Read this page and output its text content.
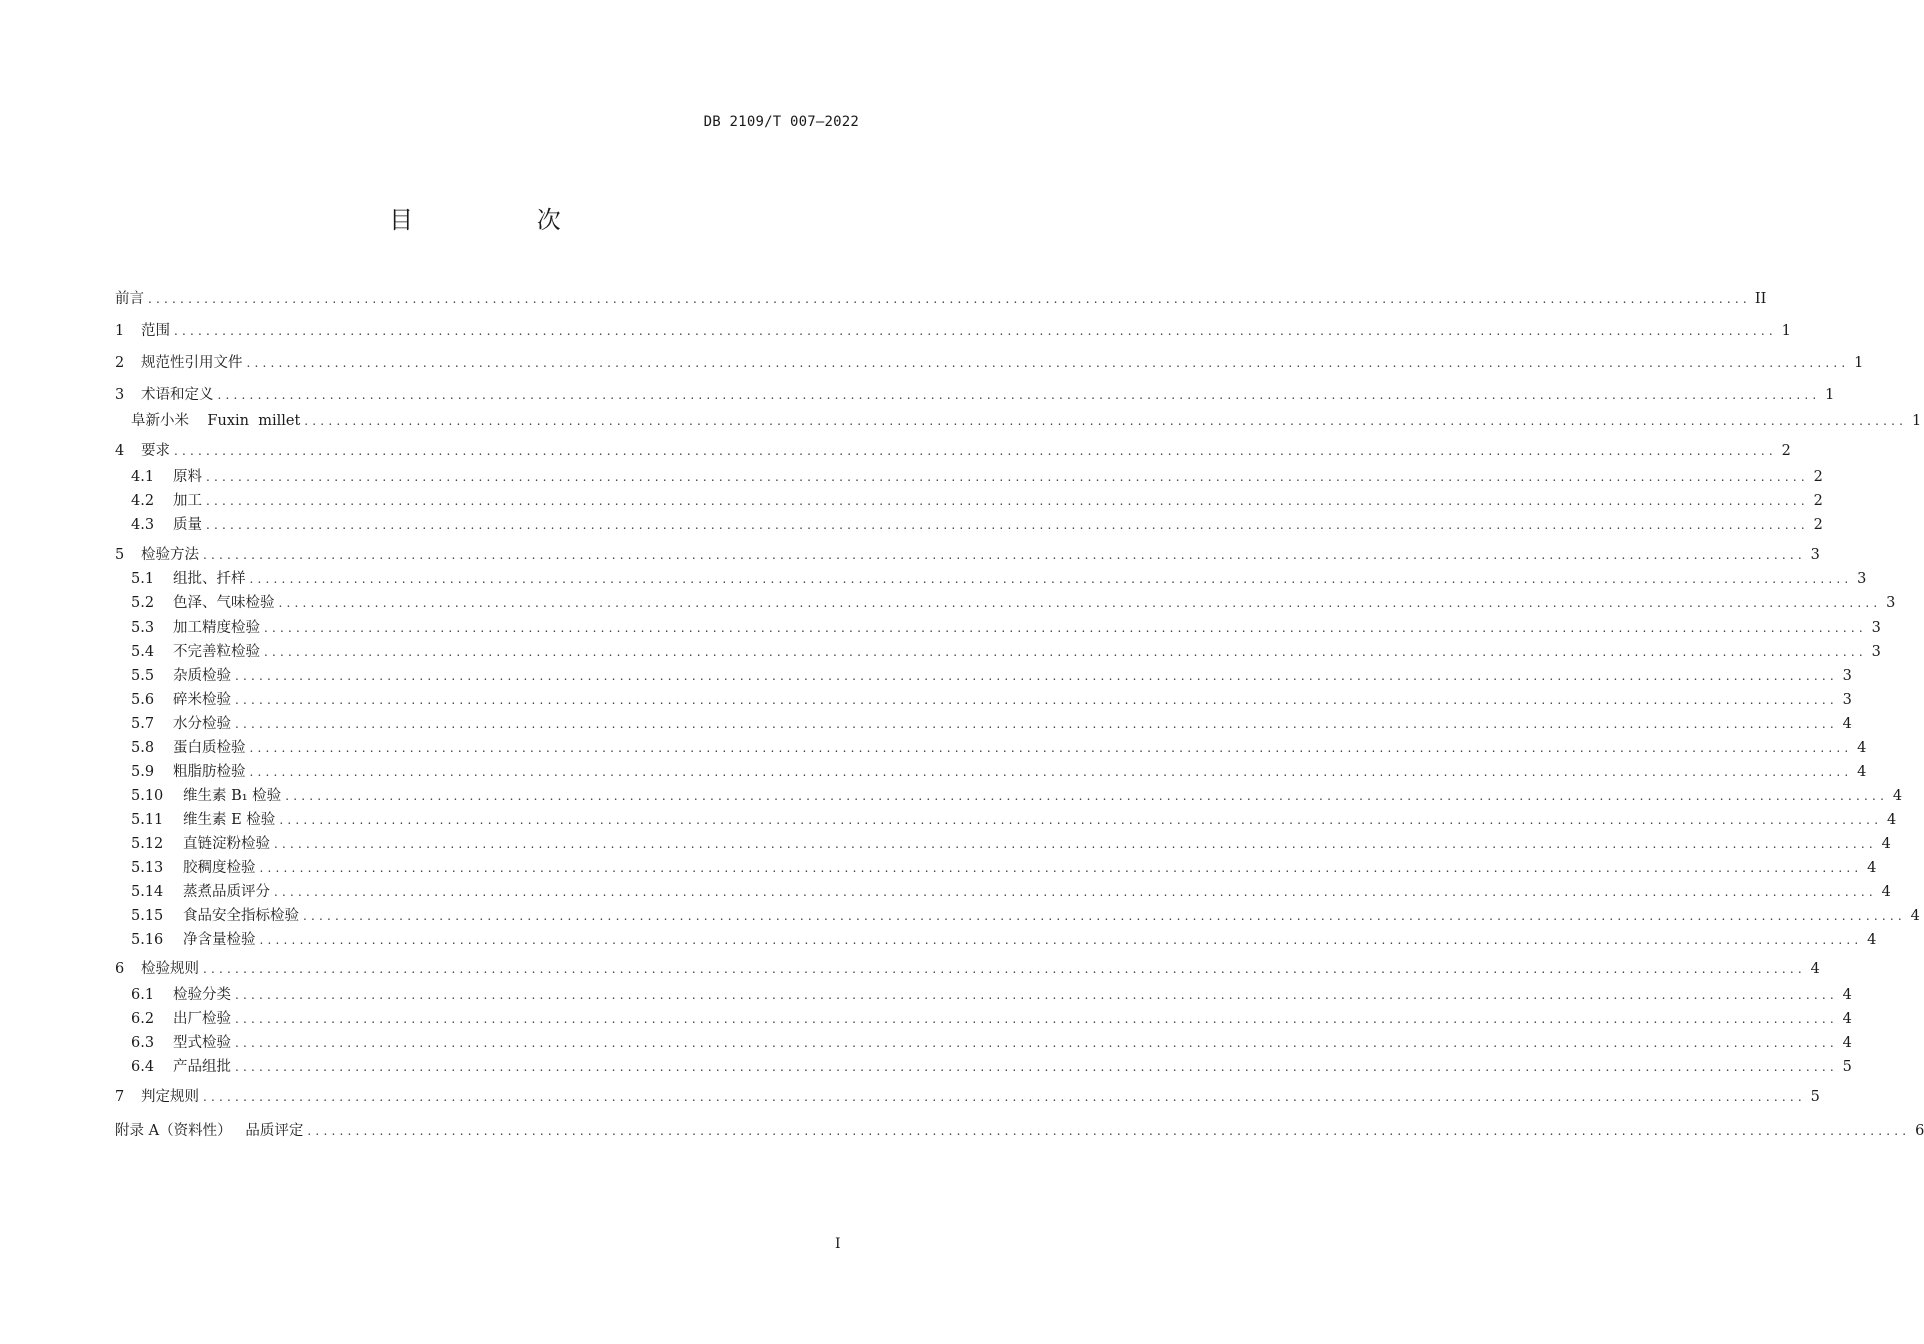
DB 2109/T 007—2022
目 次
前言 ........................................................................................................................................................................................................ II
1	范围 ........................................................................................................................................................................................................ 1
2	规范性引用文件 ........................................................................................................................................................................................................ 1
3	术语和定义 ........................................................................................................................................................................................................ 1
阜新小米    Fuxin  millet ........................................................................................................................................................................................................ 1
4	要求 ........................................................................................................................................................................................................ 2
4.1	原料 ........................................................................................................................................................................................................ 2
4.2	加工 ........................................................................................................................................................................................................ 2
4.3	质量 ........................................................................................................................................................................................................ 2
5	检验方法 ........................................................................................................................................................................................................ 3
5.1	组批、扦样 ........................................................................................................................................................................................................ 3
5.2	色泽、气味检验 ........................................................................................................................................................................................................ 3
5.3	加工精度检验 ........................................................................................................................................................................................................ 3
5.4	不完善粒检验 ........................................................................................................................................................................................................ 3
5.5	杂质检验 ........................................................................................................................................................................................................ 3
5.6	碎米检验 ........................................................................................................................................................................................................ 3
5.7	水分检验 ........................................................................................................................................................................................................ 4
5.8	蛋白质检验 ........................................................................................................................................................................................................ 4
5.9	粗脂肪检验 ........................................................................................................................................................................................................ 4
5.10	维生素 B₁ 检验 ........................................................................................................................................................................................................ 4
5.11	维生素 E 检验 ........................................................................................................................................................................................................ 4
5.12	直链淀粉检验 ........................................................................................................................................................................................................ 4
5.13	胶稠度检验 ........................................................................................................................................................................................................ 4
5.14	蒸煮品质评分 ........................................................................................................................................................................................................ 4
5.15	食品安全指标检验 ........................................................................................................................................................................................................ 4
5.16	净含量检验 ........................................................................................................................................................................................................ 4
6	检验规则 ........................................................................................................................................................................................................ 4
6.1	检验分类 ........................................................................................................................................................................................................ 4
6.2	出厂检验 ........................................................................................................................................................................................................ 4
6.3	型式检验 ........................................................................................................................................................................................................ 4
6.4	产品组批 ........................................................................................................................................................................................................ 5
7	判定规则 ........................................................................................................................................................................................................ 5
附录 A（资料性）   品质评定 ........................................................................................................................................................................................................ 6
I
